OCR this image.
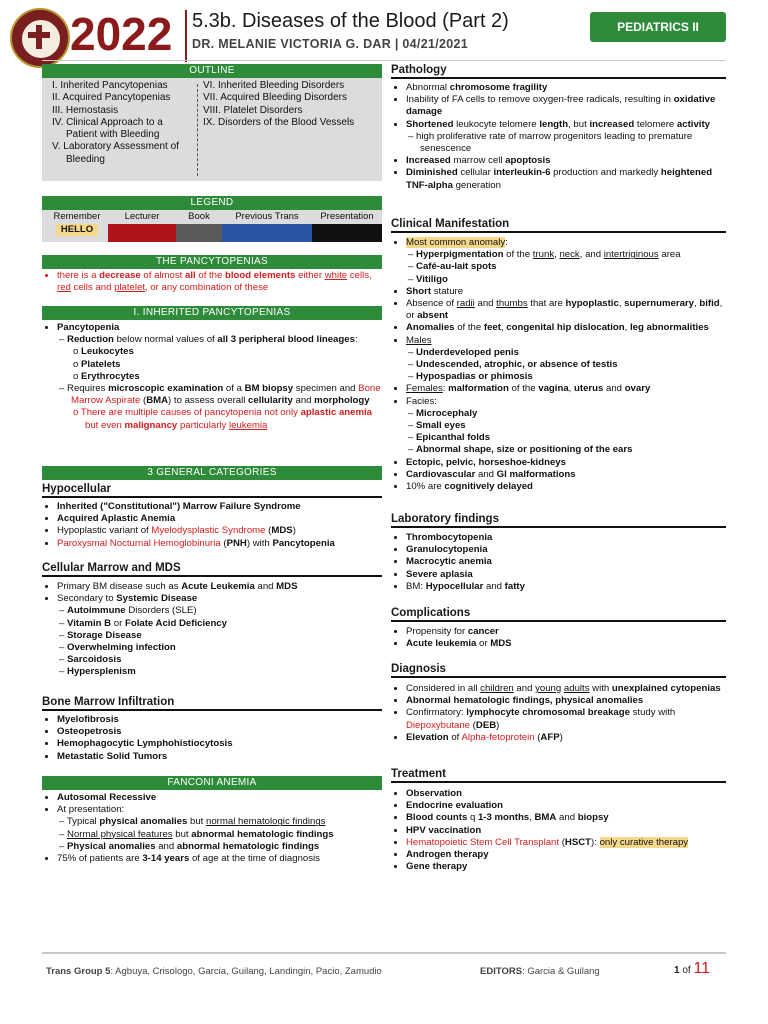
2022 5.3b. Diseases of the Blood (Part 2)
DR. MELANIE VICTORIA G. DAR | 04/21/2021
PEDIATRICS II
OUTLINE
I. Inherited Pancytopenias
II. Acquired Pancytopenias
III. Hemostasis
IV. Clinical Approach to a
Patient with Bleeding
V. Laboratory Assessment of
Bleeding
VI. Inherited Bleeding Disorders
VII. Acquired Bleeding Disorders
VIII. Platelet Disorders
IX. Disorders of the Blood Vessels
LEGEND
Remember	Lecturer	Book	Previous Trans	Presentation
HELLO
THE PANCYTOPENIAS
• there is a decrease of almost all of the blood elements either white cells, red cells and platelet, or any combination of these
I. INHERITED PANCYTOPENIAS
• Pancytopenia
– Reduction below normal values of all 3 peripheral blood lineages:
o Leukocytes
o Platelets
o Erythrocytes
– Requires microscopic examination of a BM biopsy specimen and Bone Marrow Aspirate (BMA) to assess overall cellularity and morphology
o There are multiple causes of pancytopenia not only aplastic anemia but even malignancy particularly leukemia
3 GENERAL CATEGORIES
Hypocellular
• Inherited ("Constitutional") Marrow Failure Syndrome
• Acquired Aplastic Anemia
• Hypoplastic variant of Myelodysplastic Syndrome (MDS)
• Paroxysmal Nocturnal Hemoglobinuria (PNH) with Pancytopenia
Cellular Marrow and MDS
• Primary BM disease such as Acute Leukemia and MDS
• Secondary to Systemic Disease
– Autoimmune Disorders (SLE)
– Vitamin B or Folate Acid Deficiency
– Storage Disease
– Overwhelming infection
– Sarcoidosis
– Hypersplenism
Bone Marrow Infiltration
• Myelofibrosis
• Osteopetrosis
• Hemophagocytic Lymphohistiocytosis
• Metastatic Solid Tumors
FANCONI ANEMIA
• Autosomal Recessive
• At presentation:
– Typical physical anomalies but normal hematologic findings
– Normal physical features but abnormal hematologic findings
– Physical anomalies and abnormal hematologic findings
• 75% of patients are 3-14 years of age at the time of diagnosis
Pathology
• Abnormal chromosome fragility
• Inability of FA cells to remove oxygen-free radicals, resulting in oxidative damage
• Shortened leukocyte telomere length, but increased telomere activity
– high proliferative rate of marrow progenitors leading to premature senescence
• Increased marrow cell apoptosis
• Diminished cellular interleukin-6 production and markedly heightened TNF-alpha generation
Clinical Manifestation
• Most common anomaly:
– Hyperpigmentation of the trunk, neck, and intertriginous area
– Café-au-lait spots
– Vitiligo
• Short stature
• Absence of radii and thumbs that are hypoplastic, supernumerary, bifid, or absent
• Anomalies of the feet, congenital hip dislocation, leg abnormalities
• Males
– Underdeveloped penis
– Undescended, atrophic, or absence of testis
– Hypospadias or phimosis
• Females: malformation of the vagina, uterus and ovary
• Facies:
– Microcephaly
– Small eyes
– Epicanthal folds
– Abnormal shape, size or positioning of the ears
• Ectopic, pelvic, horseshoe-kidneys
• Cardiovascular and GI malformations
• 10% are cognitively delayed
Laboratory findings
• Thrombocytopenia
• Granulocytopenia
• Macrocytic anemia
• Severe aplasia
• BM: Hypocellular and fatty
Complications
• Propensity for cancer
• Acute leukemia or MDS
Diagnosis
• Considered in all children and young adults with unexplained cytopenias
• Abnormal hematologic findings, physical anomalies
• Confirmatory: lymphocyte chromosomal breakage study with Diepoxybutane (DEB)
• Elevation of Alpha-fetoprotein (AFP)
Treatment
• Observation
• Endocrine evaluation
• Blood counts q 1-3 months, BMA and biopsy
• HPV vaccination
• Hematopoietic Stem Cell Transplant (HSCT): only curative therapy
• Androgen therapy
• Gene therapy
Trans Group 5: Agbuya, Crisologo, Garcia, Guilang, Landingin, Pacio, Zamudio	EDITORS: Garcia & Guilang	1 of 11
